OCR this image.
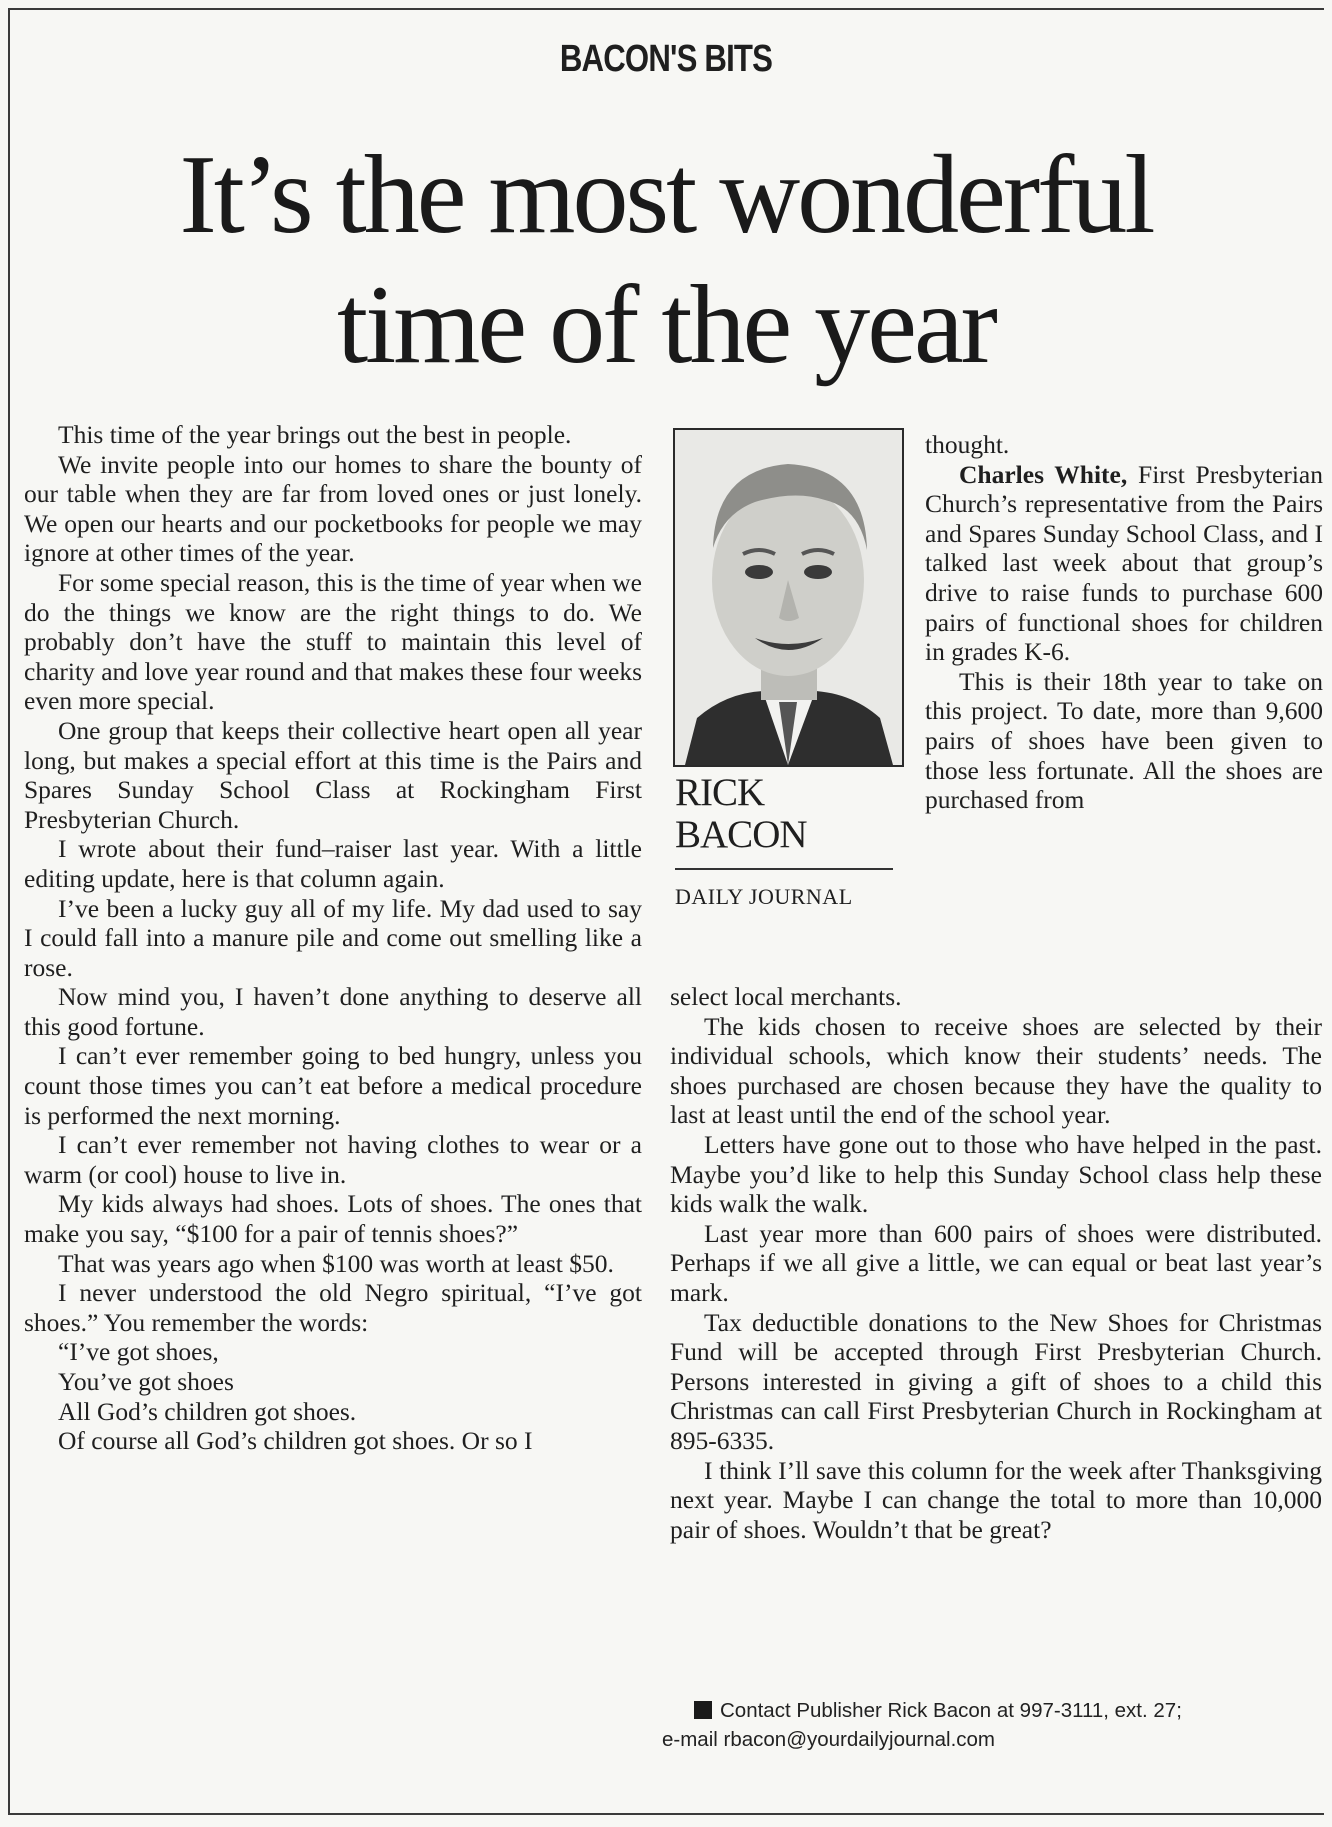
BACON'S BITS
It’s the most wonderful
time of the year

This time of the year brings out the best in people.

We invite people into our homes to share the bounty of our table when they are far from loved ones or just lonely. We open our hearts and our pocketbooks for people we may ignore at other times of the year.

For some special reason, this is the time of year when we do the things we know are the right things to do. We probably don’t have the stuff to maintain this level of charity and love year round and that makes these four weeks even more special.

One group that keeps their collective heart open all year long, but makes a special effort at this time is the Pairs and Spares Sunday School Class at Rockingham First Presbyterian Church.

I wrote about their fund–raiser last year. With a little editing update, here is that column again.

I’ve been a lucky guy all of my life. My dad used to say I could fall into a manure pile and come out smelling like a rose.

Now mind you, I haven’t done anything to deserve all this good fortune.

I can’t ever remember going to bed hungry, unless you count those times you can’t eat before a medical procedure is performed the next morning.

I can’t ever remember not having clothes to wear or a warm (or cool) house to live in.

My kids always had shoes. Lots of shoes. The ones that make you say, “$100 for a pair of tennis shoes?”

That was years ago when $100 was worth at least $50.

I never understood the old Negro spiritual, “I’ve got shoes.” You remember the words:

“I’ve got shoes,

You’ve got shoes

All God’s children got shoes.

Of course all God’s children got shoes. Or so I

RICK
BACON
DAILY JOURNAL

thought.

Charles White, First Presbyterian Church’s representative from the Pairs and Spares Sunday School Class, and I talked last week about that group’s drive to raise funds to purchase 600 pairs of functional shoes for children in grades K-6.

This is their 18th year to take on this project. To date, more than 9,600 pairs of shoes have been given to those less fortunate. All the shoes are purchased from

select local merchants.

The kids chosen to receive shoes are selected by their individual schools, which know their students’ needs. The shoes purchased are chosen because they have the quality to last at least until the end of the school year.

Letters have gone out to those who have helped in the past. Maybe you’d like to help this Sunday School class help these kids walk the walk.

Last year more than 600 pairs of shoes were distributed. Perhaps if we all give a little, we can equal or beat last year’s mark.

Tax deductible donations to the New Shoes for Christmas Fund will be accepted through First Presbyterian Church. Persons interested in giving a gift of shoes to a child this Christmas can call First Presbyterian Church in Rockingham at 895-6335.

I think I’ll save this column for the week after Thanksgiving next year. Maybe I can change the total to more than 10,000 pair of shoes. Wouldn’t that be great?

Contact Publisher Rick Bacon at 997-3111, ext. 27;
e-mail rbacon@yourdailyjournal.com
